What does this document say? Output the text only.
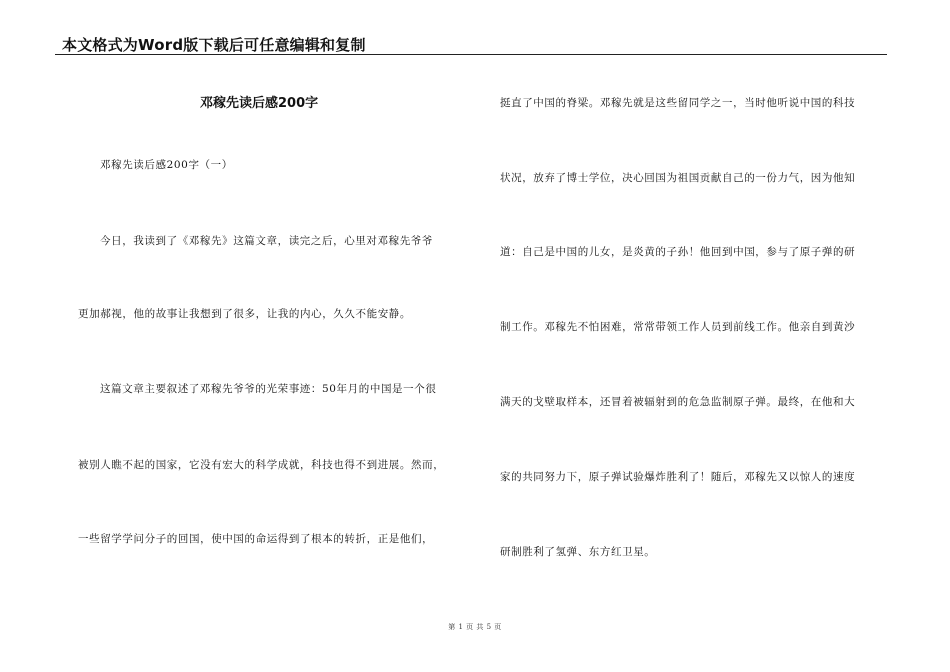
本文格式为Word版下载后可任意编辑和复制
邓稼先读后感200字
邓稼先读后感200字（一）
今日，我读到了《邓稼先》这篇文章，读完之后，心里对邓稼先爷爷
更加郝视，他的故事让我想到了很多，让我的内心，久久不能安静。
这篇文章主要叙述了邓稼先爷爷的光荣事迹：50年月的中国是一个很
被别人瞧不起的国家，它没有宏大的科学成就，科技也得不到进展。然而，
一些留学学问分子的回国，使中国的命运得到了根本的转折，正是他们，
挺直了中国的脊梁。邓稼先就是这些留同学之一，当时他听说中国的科技
状况，放弃了博士学位，决心回国为祖国贡献自己的一份力气，因为他知
道：自己是中国的儿女，是炎黄的子孙！他回到中国，参与了原子弹的研
制工作。邓稼先不怕困难，常常带领工作人员到前线工作。他亲自到黄沙
满天的戈壁取样本，还冒着被辐射到的危急监制原子弹。最终，在他和大
家的共同努力下，原子弹试验爆炸胜利了！随后，邓稼先又以惊人的速度
研制胜利了氢弹、东方红卫星。
第 1 页 共 5 页
